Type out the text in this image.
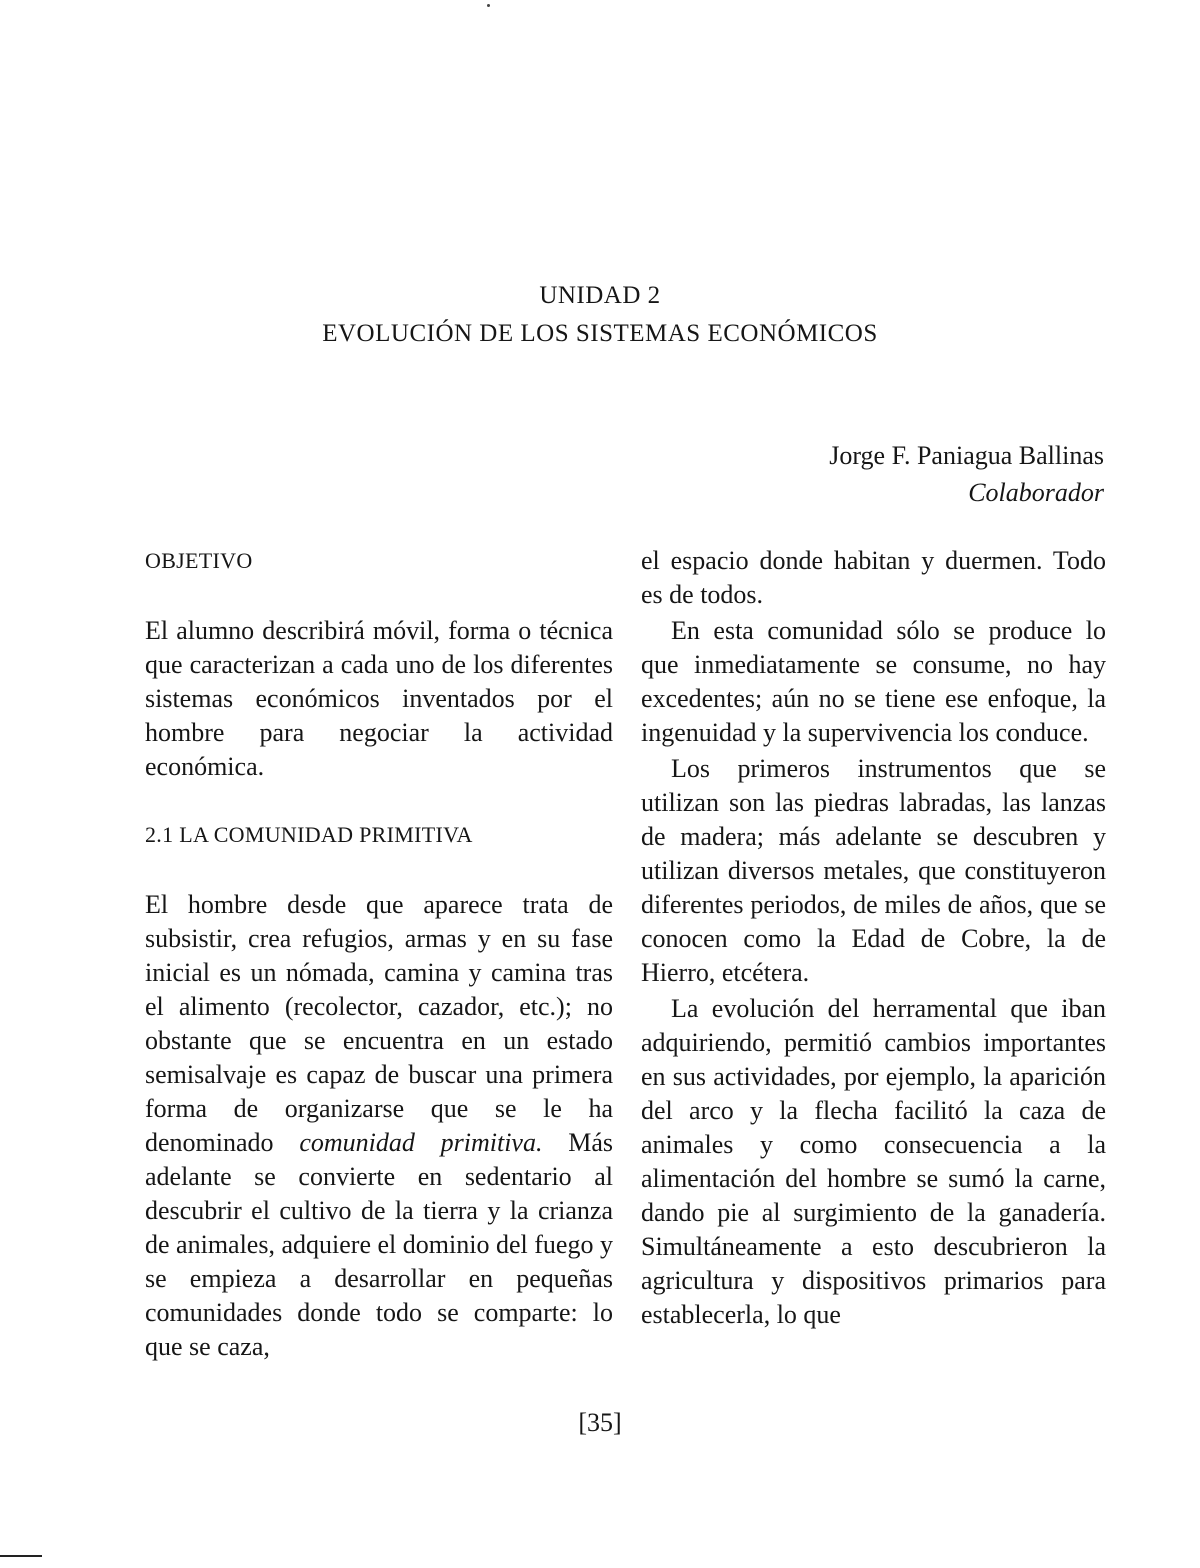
UNIDAD 2
EVOLUCIÓN DE LOS SISTEMAS ECONÓMICOS
Jorge F. Paniagua Ballinas
Colaborador

OBJETIVO

El alumno describirá móvil, forma o técnica que caracterizan a cada uno de los diferentes sistemas económicos inventados por el hombre para negociar la actividad económica.

2.1 LA COMUNIDAD PRIMITIVA

El hombre desde que aparece trata de subsistir, crea refugios, armas y en su fase inicial es un nómada, camina y camina tras el alimento (recolector, cazador, etc.); no obstante que se encuentra en un estado semisalvaje es capaz de buscar una primera forma de organizarse que se le ha denominado comunidad primitiva. Más adelante se convierte en sedentario al descubrir el cultivo de la tierra y la crianza de animales, adquiere el dominio del fuego y se empieza a desarrollar en pequeñas comunidades donde todo se comparte: lo que se caza,

el espacio donde habitan y duermen. Todo es de todos.

En esta comunidad sólo se produce lo que inmediatamente se consume, no hay excedentes; aún no se tiene ese enfoque, la ingenuidad y la supervivencia los conduce.

Los primeros instrumentos que se utilizan son las piedras labradas, las lanzas de madera; más adelante se descubren y utilizan diversos metales, que constituyeron diferentes periodos, de miles de años, que se conocen como la Edad de Cobre, la de Hierro, etcétera.

La evolución del herramental que iban adquiriendo, permitió cambios importantes en sus actividades, por ejemplo, la aparición del arco y la flecha facilitó la caza de animales y como consecuencia a la alimentación del hombre se sumó la carne, dando pie al surgimiento de la ganadería. Simultáneamente a esto descubrieron la agricultura y dispositivos primarios para establecerla, lo que

[35]
